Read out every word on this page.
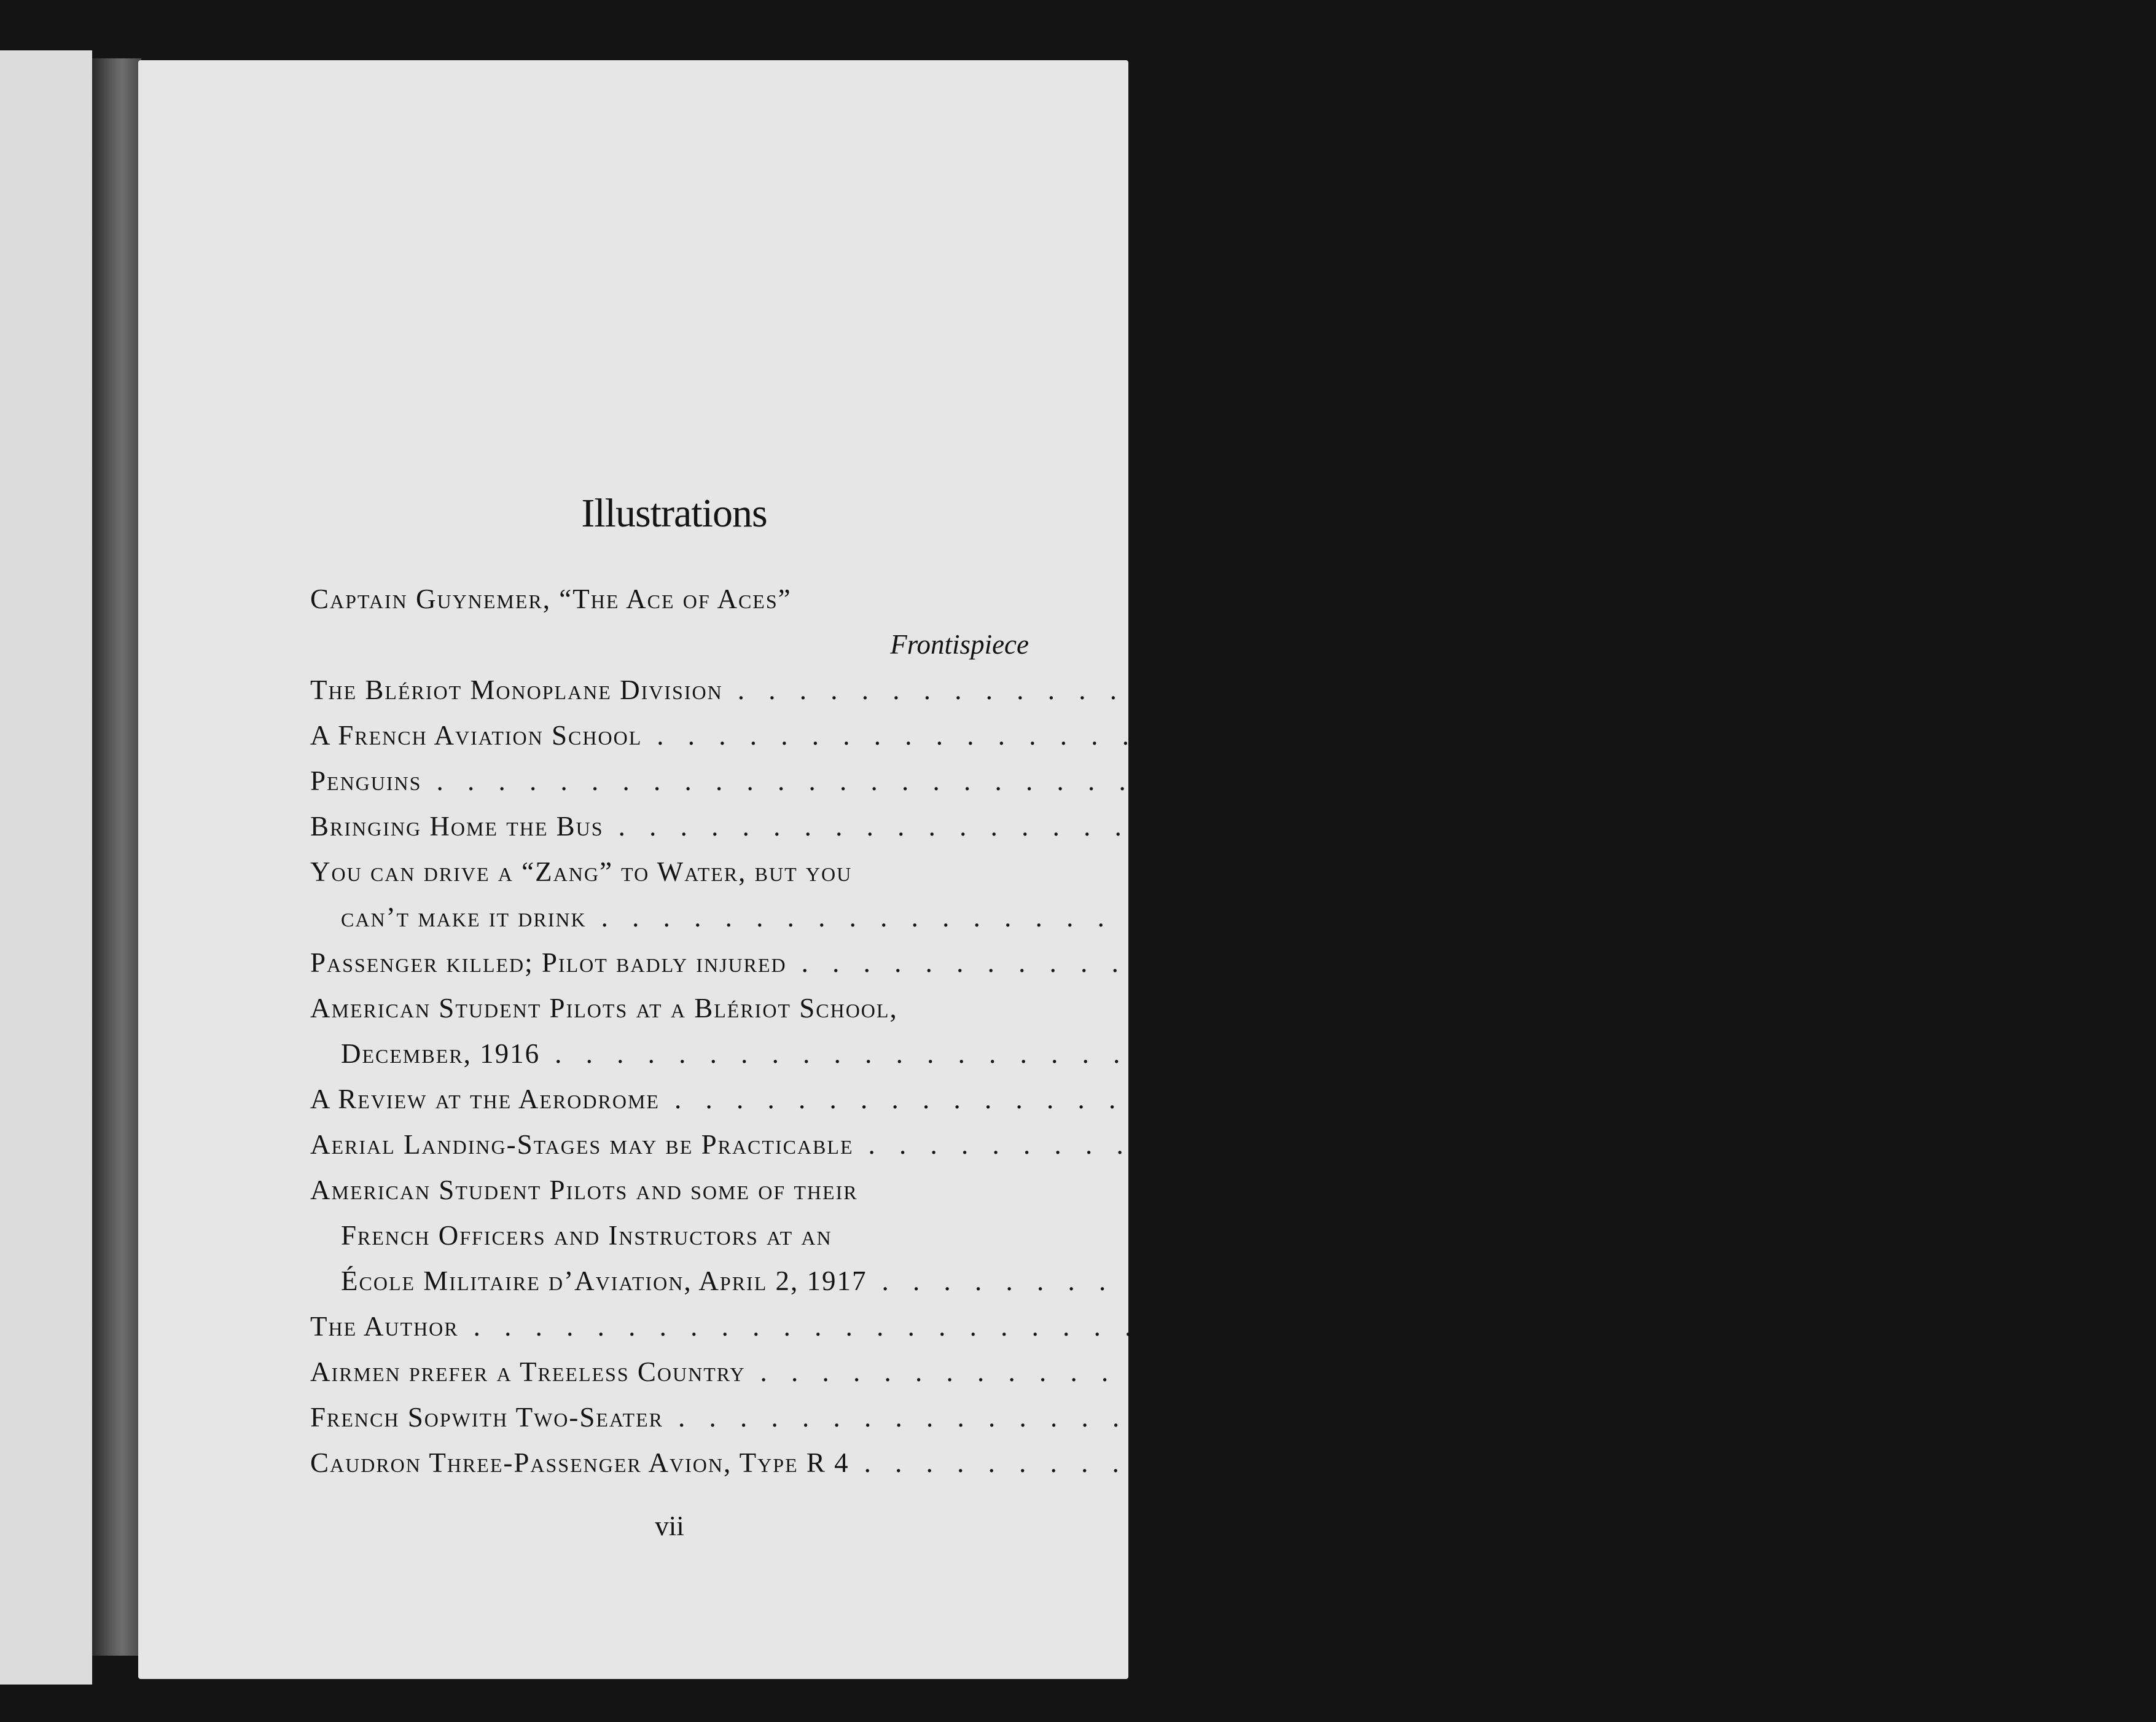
Illustrations
Captain Guynemer, “The Ace of Aces”
Frontispiece
The Blériot Monoplane Division . . . . . . . . . . . . . . . . . . . . . . . . . . . . . . . . . . . . . . . . 10
A French Aviation School . . . . . . . . . . . . . . . . . . . . . . . . . . . . . . . . . . . . . . . . 22
Penguins . . . . . . . . . . . . . . . . . . . . . . . . . . . . . . . . . . . . . . . . 26
Bringing Home the Bus . . . . . . . . . . . . . . . . . . . . . . . . . . . . . . . . . . . . . . . . 26
You can drive a “Zang” to Water, but you
can’t make it drink . . . . . . . . . . . . . . . . . . . . . . . . . . . . . . . . . . . . . . . . 34
Passenger killed; Pilot badly injured . . . . . . . . . . . . . . . . . . . . . . . . . . . . . . . . . . . . . . . . 34
American Student Pilots at a Blériot School,
December, 1916 . . . . . . . . . . . . . . . . . . . . . . . . . . . . . . . . . . . . . . . . 48
A Review at the Aerodrome . . . . . . . . . . . . . . . . . . . . . . . . . . . . . . . . . . . . . . . . 54
Aerial Landing-Stages may be Practicable . . . . . . . . . . . . . . . . . . . . . . . . . . . . . . . . . . . . . . . . 58
American Student Pilots and some of their
French Officers and Instructors at an
École Militaire d’Aviation, April 2, 1917 . . . . . . . . . . . . . . . . . . . . . . . . . . . . . . . . . . . . . . . . 62
The Author . . . . . . . . . . . . . . . . . . . . . . . . . . . . . . . . . . . . . . . . 68
Airmen prefer a Treeless Country . . . . . . . . . . . . . . . . . . . . . . . . . . . . . . . . . . . . . . . . 82
French Sopwith Two-Seater . . . . . . . . . . . . . . . . . . . . . . . . . . . . . . . . . . . . . . . . 88
Caudron Three-Passenger Avion, Type R 4 . . . . . . . . . . . . . . . . . . . . . . . . . . . . . . . . . . . . . . . . 88
vii
